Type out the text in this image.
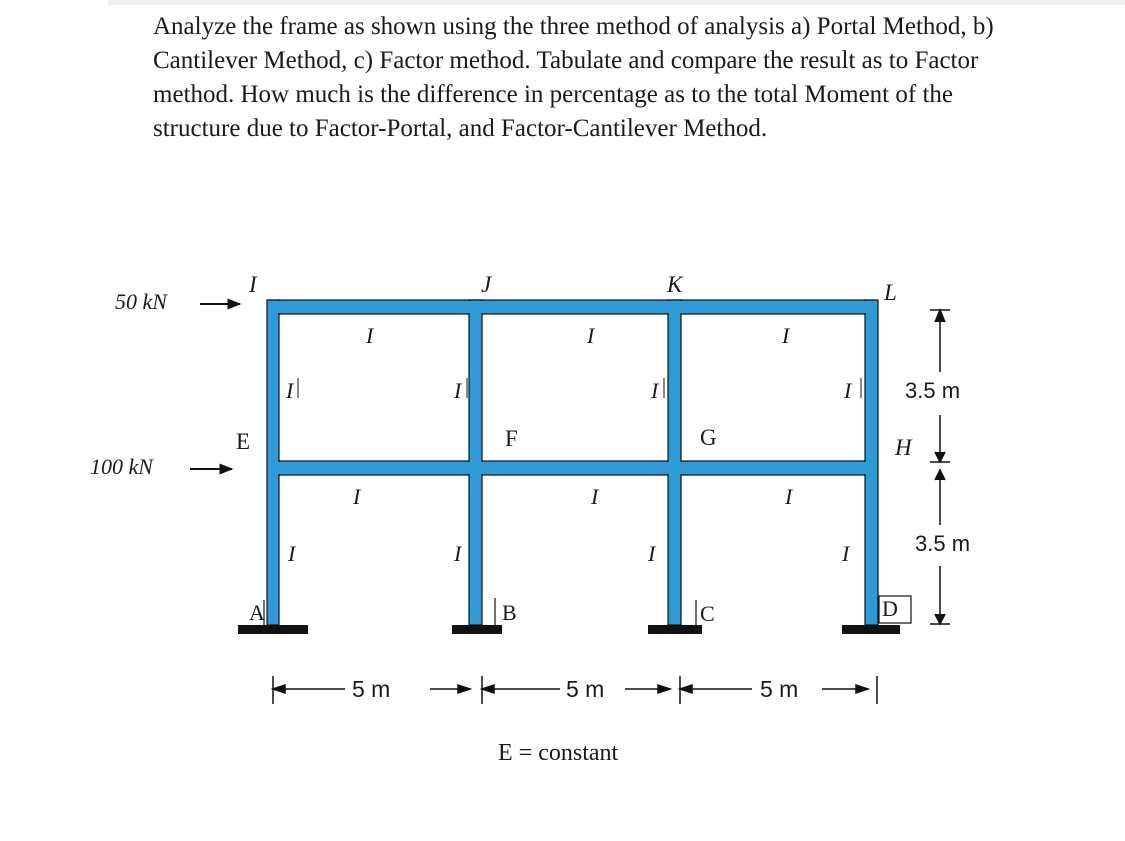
Analyze the frame as shown using the three method of analysis a) Portal Method, b) Cantilever Method, c) Factor method. Tabulate and compare the result as to Factor method. How much is the difference in percentage as to the total Moment of the structure due to Factor-Portal, and Factor-Cantilever Method.

50 kN
100 kN
I	J	K	L
E	F	G	H
A	B	C	D
I	I	I
I	I	I	I
I	I	I
I	I	I	I
3.5 m
3.5 m
5 m	5 m	5 m
E = constant
